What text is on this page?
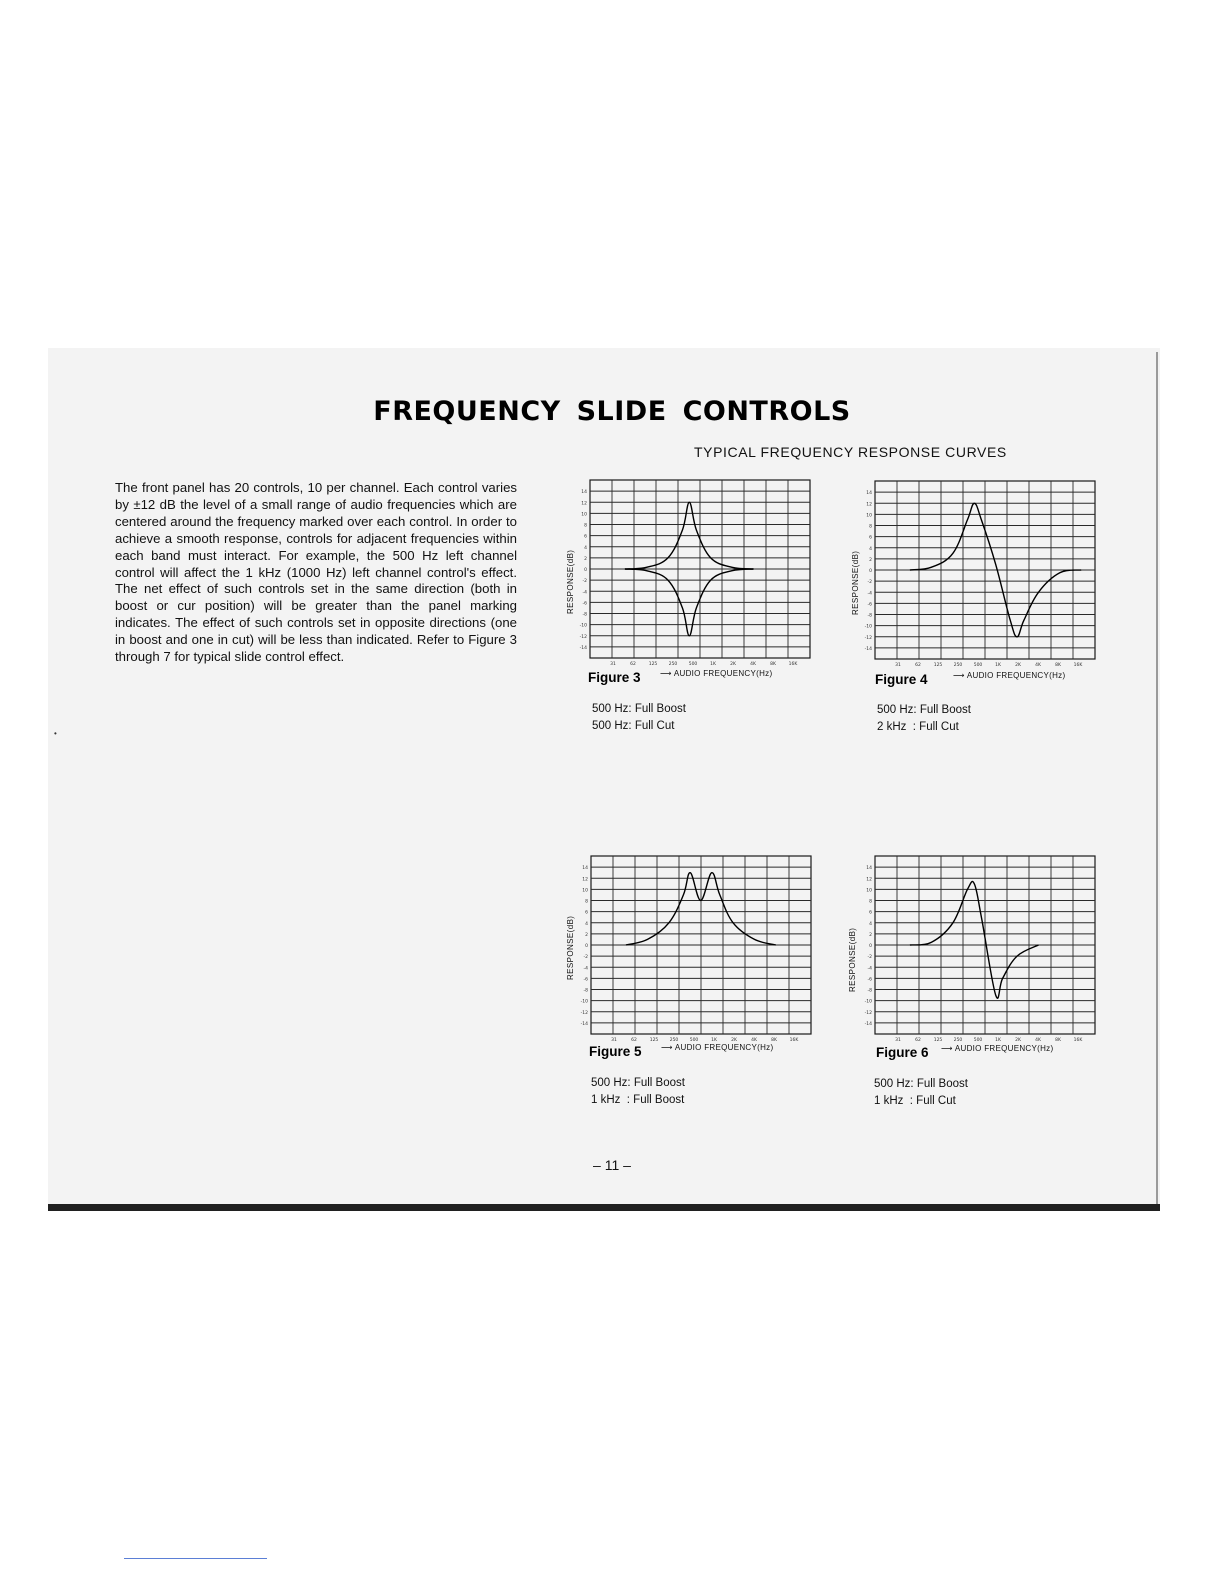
•
FREQUENCY SLIDE CONTROLS

TYPICAL FREQUENCY RESPONSE CURVES

The front panel has 20 controls, 10 per channel. Each control varies by ±12 dB the level of a small range of audio frequencies which are centered around the frequency marked over each control. In order to achieve a smooth response, controls for adjacent frequencies within each band must interact. For example, the 500 Hz left channel control will affect the 1 kHz (1000 Hz) left channel control's effect. The net effect of such controls set in the same direction (both in boost or cur position) will be greater than the panel marking indicates. The effect of such controls set in opposite directions (one in boost and one in cut) will be less than indicated. Refer to Figure 3 through 7 for typical slide control effect.

14
12
10
8
6
4
2
0
-2
-4
-6
-8
-10
-12
-14
31	62	125	250	500	1K	2K	4K	8K	16K
RESPONSE(dB)
Figure 3 ⟶ AUDIO FREQUENCY(Hz)
500 Hz: Full Boost
500 Hz: Full Cut
14
12
10
8
6
4
2
0
-2
-4
-6
-8
-10
-12
-14
31	62	125	250	500	1K	2K	4K	8K	16K
RESPONSE(dB)
Figure 4	⟶ AUDIO FREQUENCY(Hz)
500 Hz: Full Boost
2 kHz  : Full Cut
14
12
10
8
6
4
2
0
-2
-4
-6
-8
-10
-12
-14
31	62	125	250	500	1K	2K	4K	8K	16K
RESPONSE(dB)
Figure 5 ⟶ AUDIO FREQUENCY(Hz)
500 Hz: Full Boost
1 kHz  : Full Boost
14
12
10
8
6
4
2
0
-2
-4
-6
-8
-10
-12
-14
31	62	125	250	500	1K	2K	4K	8K	16K
RESPONSE(dB)
Figure 6 ⟶ AUDIO FREQUENCY(Hz)
500 Hz: Full Boost
1 kHz  : Full Cut
– 11 –
